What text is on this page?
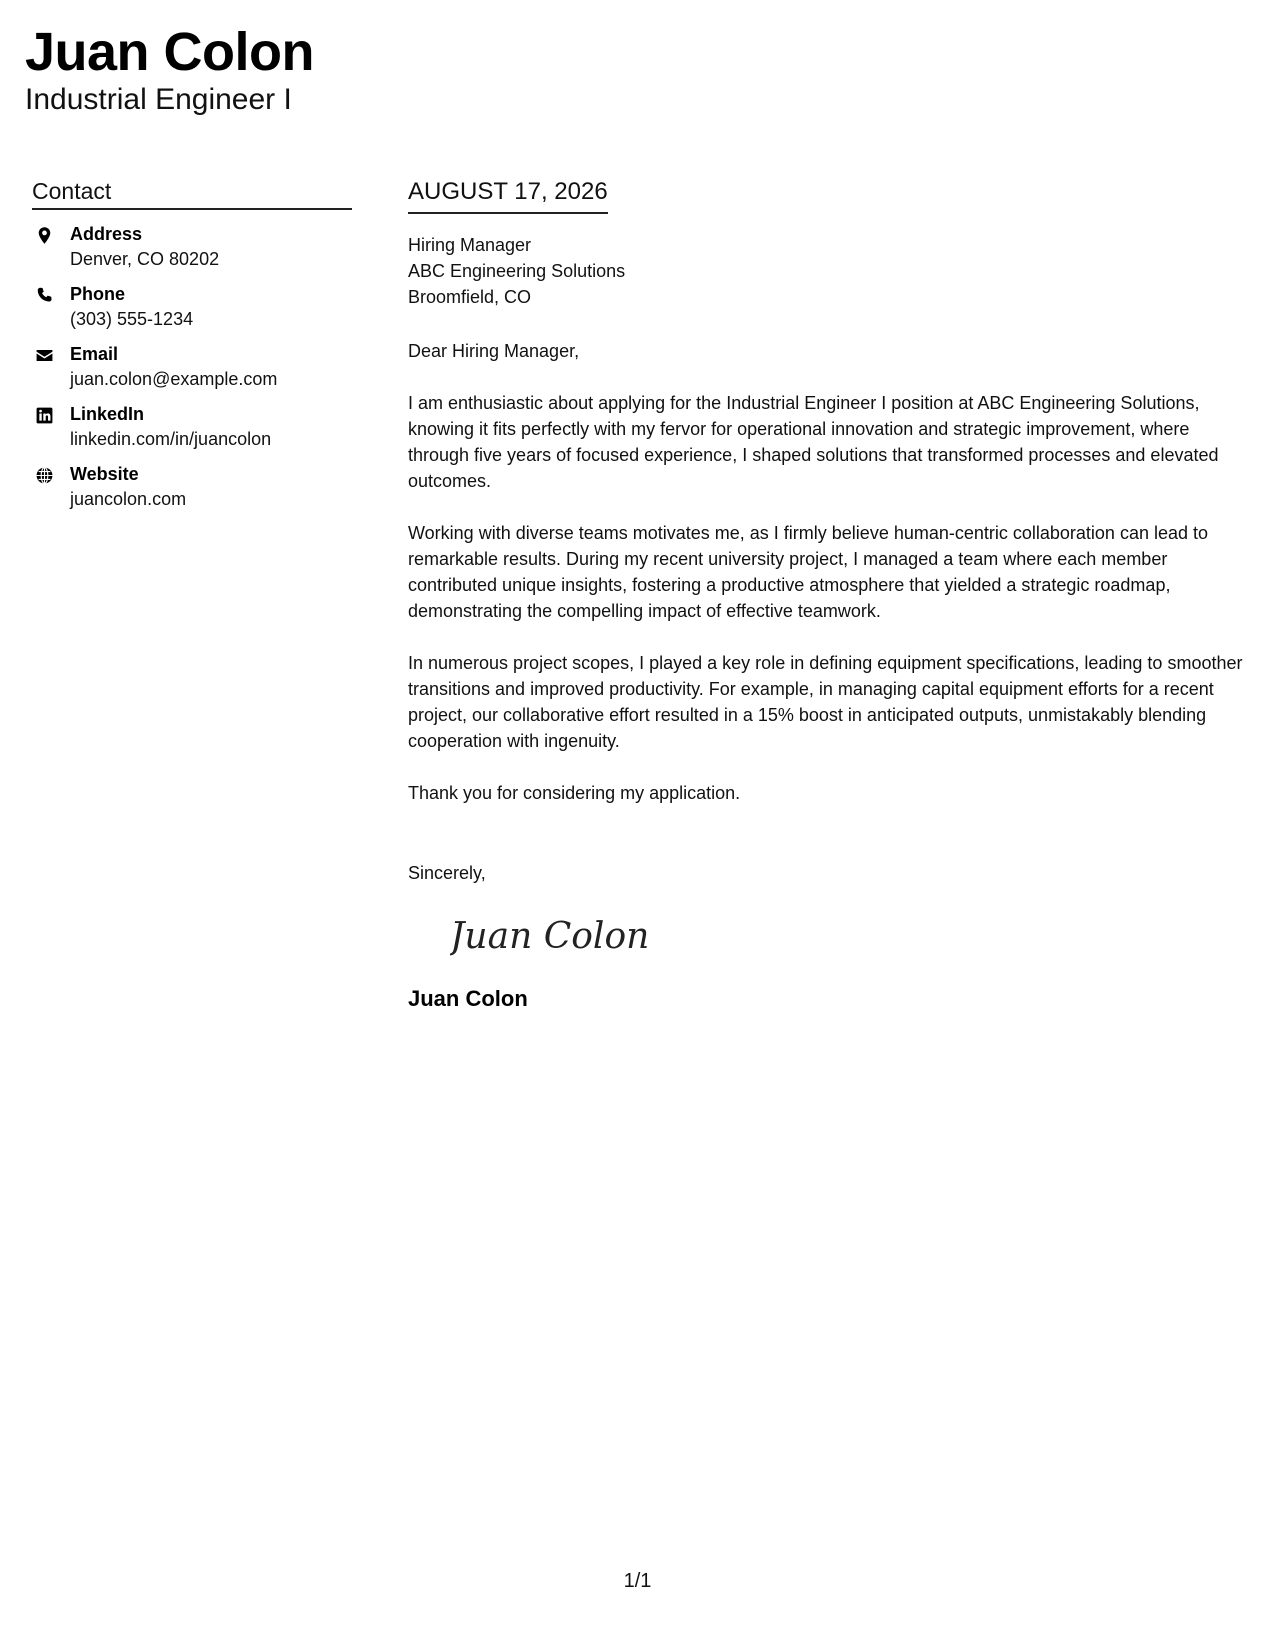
Juan Colon
Industrial Engineer I
Contact
Address
Denver, CO 80202
Phone
(303) 555-1234
Email
juan.colon@example.com
LinkedIn
linkedin.com/in/juancolon
Website
juancolon.com
AUGUST 17, 2026
Hiring Manager
ABC Engineering Solutions
Broomfield, CO
Dear Hiring Manager,
I am enthusiastic about applying for the Industrial Engineer I position at ABC Engineering Solutions, knowing it fits perfectly with my fervor for operational innovation and strategic improvement, where through five years of focused experience, I shaped solutions that transformed processes and elevated outcomes.
Working with diverse teams motivates me, as I firmly believe human-centric collaboration can lead to remarkable results. During my recent university project, I managed a team where each member contributed unique insights, fostering a productive atmosphere that yielded a strategic roadmap, demonstrating the compelling impact of effective teamwork.
In numerous project scopes, I played a key role in defining equipment specifications, leading to smoother transitions and improved productivity. For example, in managing capital equipment efforts for a recent project, our collaborative effort resulted in a 15% boost in anticipated outputs, unmistakably blending cooperation with ingenuity.
Thank you for considering my application.
Sincerely,
Juan Colon
Juan Colon
1/1
